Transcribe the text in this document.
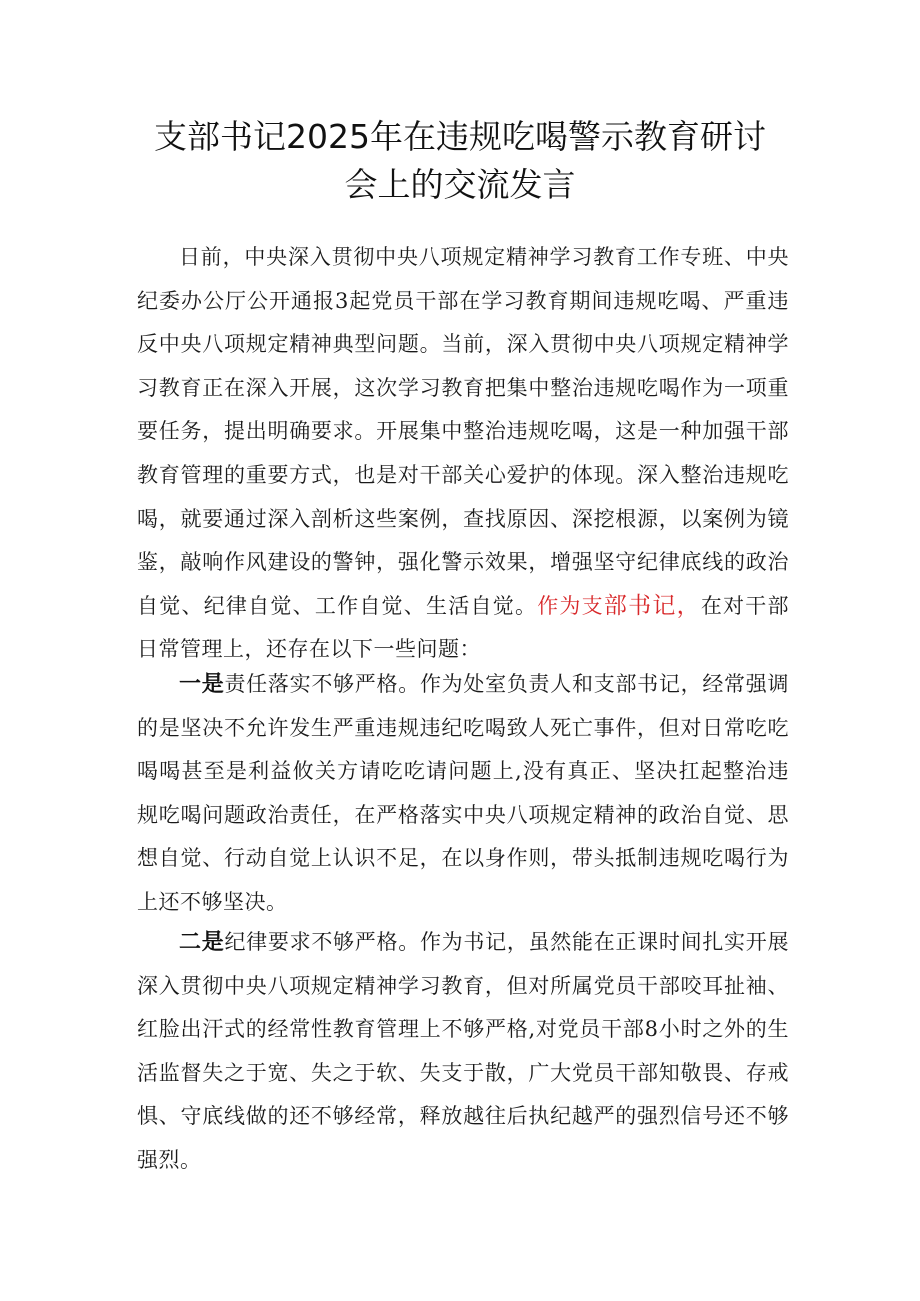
支部书记2025年在违规吃喝警示教育研讨
会上的交流发言

日前，中央深入贯彻中央八项规定精神学习教育工作专班、中央纪委办公厅公开通报3起党员干部在学习教育期间违规吃喝、严重违反中央八项规定精神典型问题。当前，深入贯彻中央八项规定精神学习教育正在深入开展，这次学习教育把集中整治违规吃喝作为一项重要任务，提出明确要求。开展集中整治违规吃喝，这是一种加强干部教育管理的重要方式，也是对干部关心爱护的体现。深入整治违规吃喝，就要通过深入剖析这些案例，查找原因、深挖根源，以案例为镜鉴，敲响作风建设的警钟，强化警示效果，增强坚守纪律底线的政治自觉、纪律自觉、工作自觉、生活自觉。作为支部书记，在对干部日常管理上，还存在以下一些问题：

一是责任落实不够严格。作为处室负责人和支部书记，经常强调的是坚决不允许发生严重违规违纪吃喝致人死亡事件，但对日常吃吃喝喝甚至是利益攸关方请吃吃请问题上,没有真正、坚决扛起整治违规吃喝问题政治责任，在严格落实中央八项规定精神的政治自觉、思想自觉、行动自觉上认识不足，在以身作则，带头抵制违规吃喝行为上还不够坚决。

二是纪律要求不够严格。作为书记，虽然能在正课时间扎实开展深入贯彻中央八项规定精神学习教育，但对所属党员干部咬耳扯袖、红脸出汗式的经常性教育管理上不够严格,对党员干部8小时之外的生活监督失之于宽、失之于软、失支于散，广大党员干部知敬畏、存戒惧、守底线做的还不够经常，释放越往后执纪越严的强烈信号还不够强烈。
